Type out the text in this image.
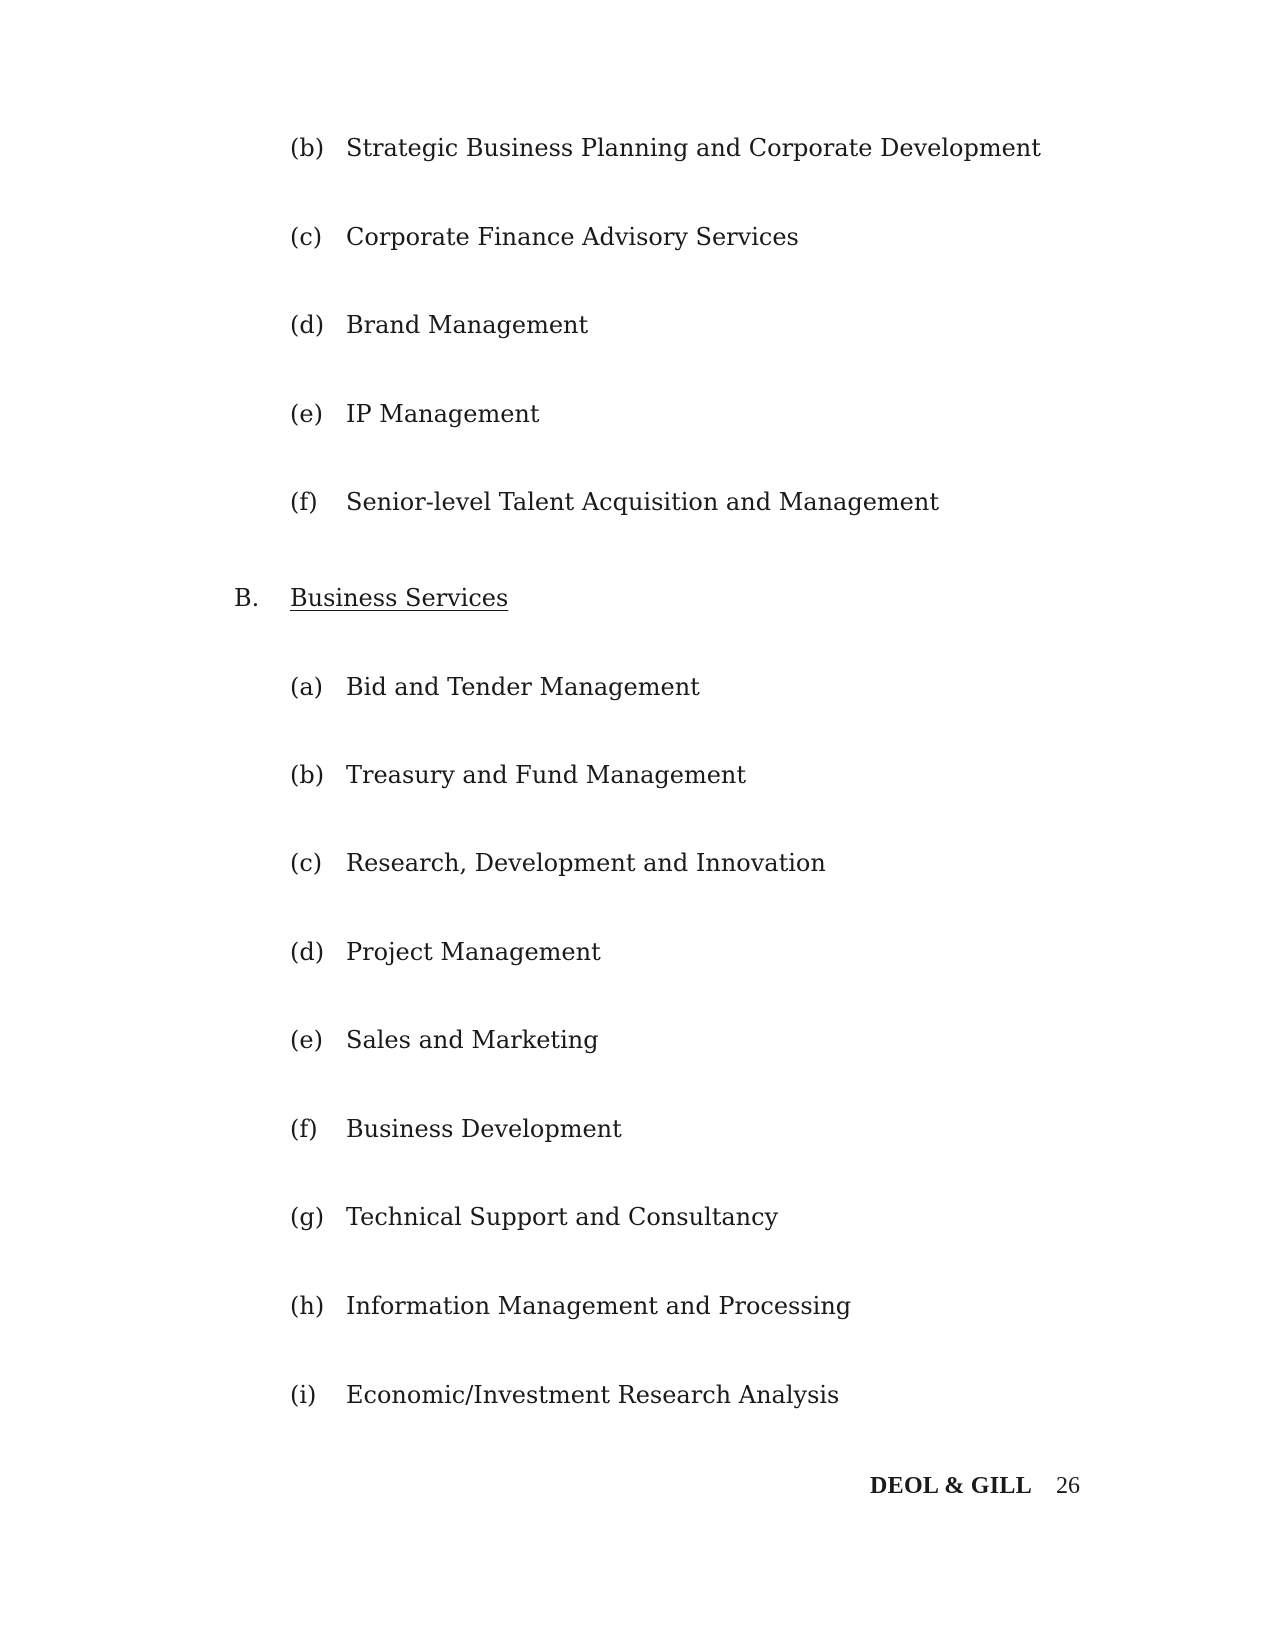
(b) Strategic Business Planning and Corporate Development
(c) Corporate Finance Advisory Services
(d) Brand Management
(e) IP Management
(f) Senior-level Talent Acquisition and Management
B. Business Services
(a) Bid and Tender Management
(b) Treasury and Fund Management
(c) Research, Development and Innovation
(d) Project Management
(e) Sales and Marketing
(f) Business Development
(g) Technical Support and Consultancy
(h) Information Management and Processing
(i) Economic/Investment Research Analysis
DEOL & GILL 26
